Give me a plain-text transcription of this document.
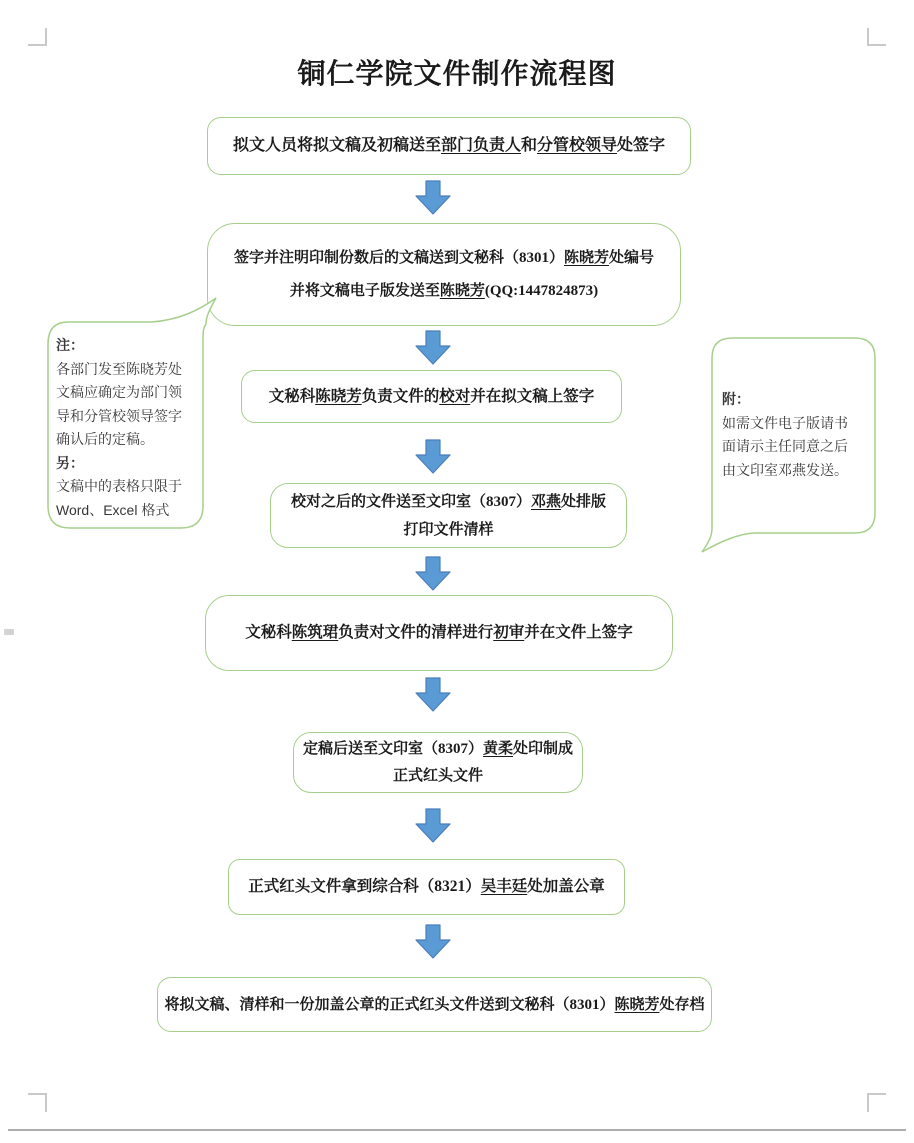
铜仁学院文件制作流程图
拟文人员将拟文稿及初稿送至部门负责人和分管校领导处签字
签字并注明印制份数后的文稿送到文秘科（8301）陈晓芳处编号
并将文稿电子版发送至陈晓芳(QQ:1447824873)
文秘科陈晓芳负责文件的校对并在拟文稿上签字
校对之后的文件送至文印室（8307）邓燕处排版
打印文件清样
文秘科陈筑珺负责对文件的清样进行初审并在文件上签字
定稿后送至文印室（8307）黄柔处印制成
正式红头文件
正式红头文件拿到综合科（8321）吴丰廷处加盖公章
将拟文稿、清样和一份加盖公章的正式红头文件送到文秘科（8301）陈晓芳处存档
注：
各部门发至陈晓芳处
文稿应确定为部门领
导和分管校领导签字
确认后的定稿。
另：
文稿中的表格只限于
Word、Excel 格式
附：
如需文件电子版请书
面请示主任同意之后
由文印室邓燕发送。
